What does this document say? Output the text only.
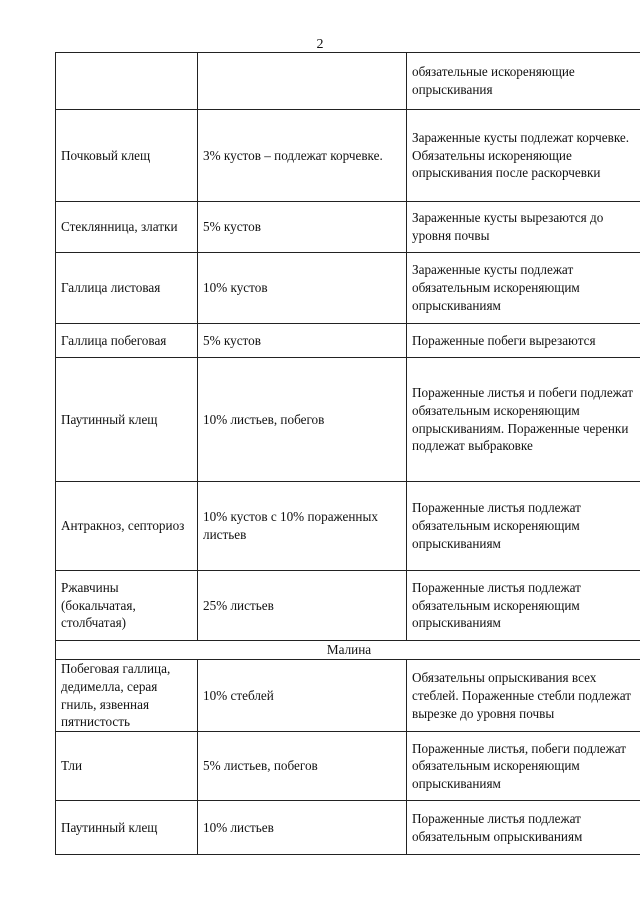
2
		обязательные искореняющие опрыскивания
Почковый клещ	3% кустов – подлежат корчевке.	Зараженные кусты подлежат корчевке. Обязательны искореняющие опрыскивания после раскорчевки
Стеклянница, златки	5% кустов	Зараженные кусты вырезаются до уровня почвы
Галлица листовая	10% кустов	Зараженные кусты подлежат обязательным искореняющим опрыскиваниям
Галлица побеговая	5% кустов	Пораженные побеги вырезаются
Паутинный клещ	10% листьев, побегов	Пораженные листья и побеги подлежат обязательным искореняющим опрыскиваниям. Пораженные черенки подлежат выбраковке
Антракноз, септориоз	10% кустов с 10% пораженных листьев	Пораженные листья подлежат обязательным искореняющим опрыскиваниям
Ржавчины (бокальчатая, столбчатая)	25% листьев	Пораженные листья подлежат обязательным искореняющим опрыскиваниям
Малина		
Побеговая галлица, дедимелла, серая гниль, язвенная пятнистость	10% стеблей	Обязательны опрыскивания всех стеблей. Пораженные стебли подлежат вырезке до уровня почвы
Тли	5% листьев, побегов	Пораженные листья, побеги подлежат обязательным искореняющим опрыскиваниям
Паутинный клещ	10% листьев	Пораженные листья подлежат обязательным опрыскиваниям
